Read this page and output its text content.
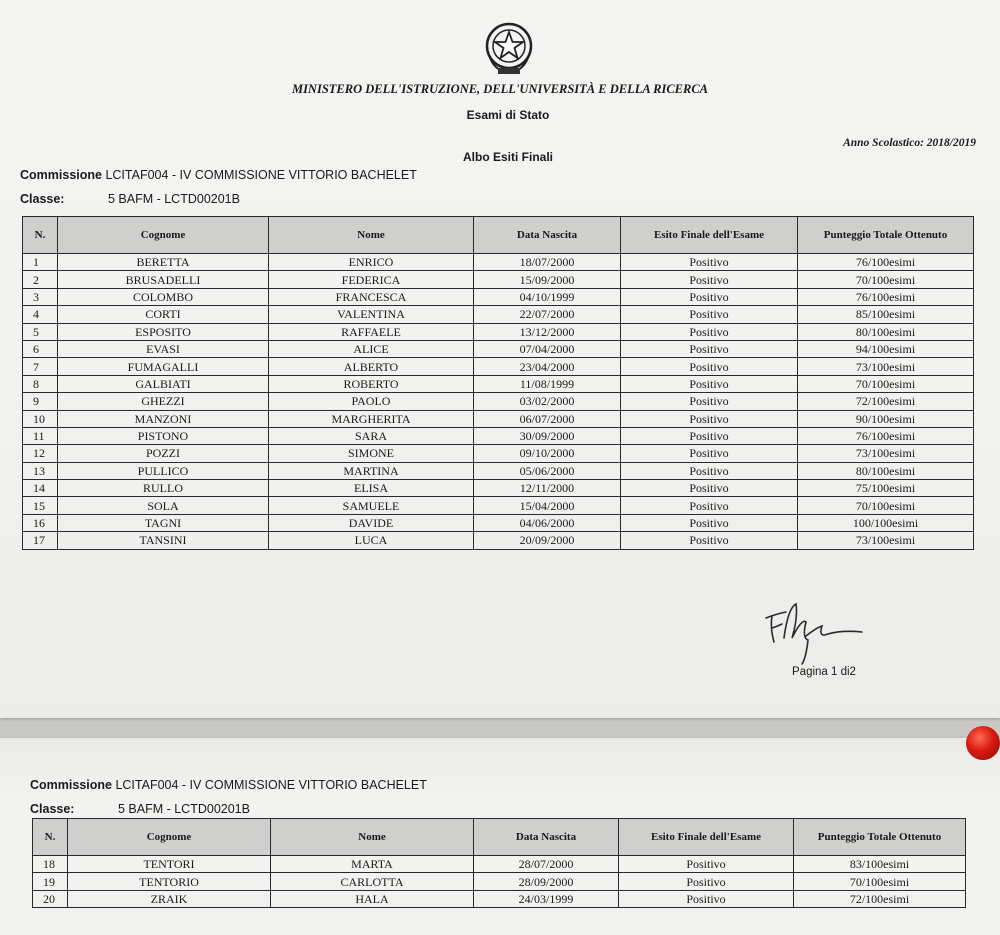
MINISTERO DELL'ISTRUZIONE, DELL'UNIVERSITÀ E DELLA RICERCA
Esami di Stato
Anno Scolastico: 2018/2019
Albo Esiti Finali
Commissione LCITAF004 - IV COMMISSIONE VITTORIO BACHELET
Classe:	5 BAFM - LCTD00201B
N.	Cognome	Nome	Data Nascita	Esito Finale dell'Esame	Punteggio Totale Ottenuto
1	BERETTA	ENRICO	18/07/2000	Positivo	76/100esimi
2	BRUSADELLI	FEDERICA	15/09/2000	Positivo	70/100esimi
3	COLOMBO	FRANCESCA	04/10/1999	Positivo	76/100esimi
4	CORTI	VALENTINA	22/07/2000	Positivo	85/100esimi
5	ESPOSITO	RAFFAELE	13/12/2000	Positivo	80/100esimi
6	EVASI	ALICE	07/04/2000	Positivo	94/100esimi
7	FUMAGALLI	ALBERTO	23/04/2000	Positivo	73/100esimi
8	GALBIATI	ROBERTO	11/08/1999	Positivo	70/100esimi
9	GHEZZI	PAOLO	03/02/2000	Positivo	72/100esimi
10	MANZONI	MARGHERITA	06/07/2000	Positivo	90/100esimi
11	PISTONO	SARA	30/09/2000	Positivo	76/100esimi
12	POZZI	SIMONE	09/10/2000	Positivo	73/100esimi
13	PULLICO	MARTINA	05/06/2000	Positivo	80/100esimi
14	RULLO	ELISA	12/11/2000	Positivo	75/100esimi
15	SOLA	SAMUELE	15/04/2000	Positivo	70/100esimi
16	TAGNI	DAVIDE	04/06/2000	Positivo	100/100esimi
17	TANSINI	LUCA	20/09/2000	Positivo	73/100esimi
Pagina 1 di2
Commissione LCITAF004 - IV COMMISSIONE VITTORIO BACHELET
Classe:	5 BAFM - LCTD00201B
N.	Cognome	Nome	Data Nascita	Esito Finale dell'Esame	Punteggio Totale Ottenuto
18	TENTORI	MARTA	28/07/2000	Positivo	83/100esimi
19	TENTORIO	CARLOTTA	28/09/2000	Positivo	70/100esimi
20	ZRAIK	HALA	24/03/1999	Positivo	72/100esimi
